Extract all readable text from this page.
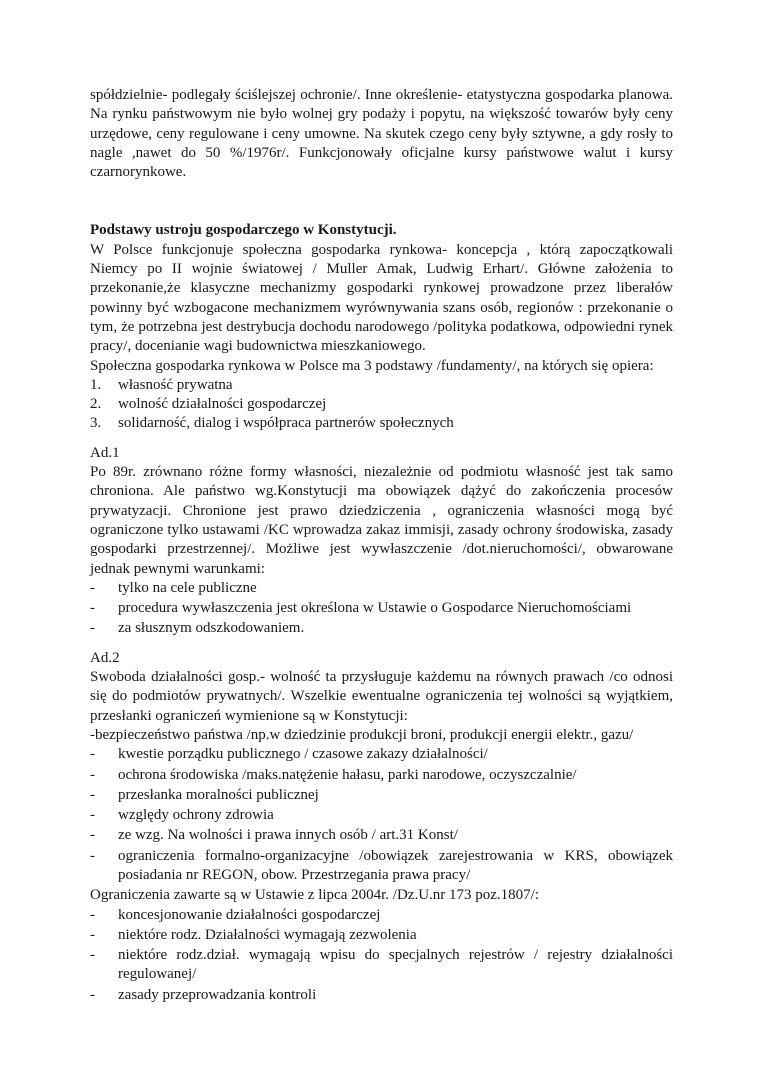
spółdzielnie- podlegały ściślejszej ochronie/. Inne określenie- etatystyczna gospodarka planowa. Na rynku państwowym nie było wolnej gry podaży i popytu, na większość towarów były ceny urzędowe, ceny regulowane i ceny umowne. Na skutek czego ceny były sztywne, a gdy rosły to nagle ,nawet do 50 %/1976r/. Funkcjonowały oficjalne kursy państwowe walut i kursy czarnorynkowe.

Podstawy ustroju gospodarczego w Konstytucji.

W Polsce funkcjonuje społeczna gospodarka rynkowa- koncepcja , którą zapoczątkowali Niemcy po II wojnie światowej / Muller Amak, Ludwig Erhart/. Główne założenia to przekonanie,że klasyczne mechanizmy gospodarki rynkowej prowadzone przez liberałów powinny być wzbogacone mechanizmem wyrównywania szans osób, regionów : przekonanie o tym, że potrzebna jest destrybucja dochodu narodowego /polityka podatkowa, odpowiedni rynek pracy/, docenianie wagi budownictwa mieszkaniowego.

Społeczna gospodarka rynkowa w Polsce ma 3 podstawy /fundamenty/, na których się opiera:

1.	własność prywatna
2.	wolność działalności gospodarczej
3.	solidarność, dialog i współpraca partnerów społecznych

Ad.1

Po 89r. zrównano różne formy własności, niezależnie od podmiotu własność jest tak samo chroniona. Ale państwo wg.Konstytucji ma obowiązek dążyć do zakończenia procesów prywatyzacji. Chronione jest prawo dziedziczenia , ograniczenia własności mogą być ograniczone tylko ustawami /KC wprowadza zakaz immisji, zasady ochrony środowiska, zasady gospodarki przestrzennej/. Możliwe jest wywłaszczenie /dot.nieruchomości/, obwarowane jednak pewnymi warunkami:

-	tylko na cele publiczne
-	procedura wywłaszczenia jest określona w Ustawie o Gospodarce Nieruchomościami
-	za słusznym odszkodowaniem.

Ad.2

Swoboda działalności gosp.- wolność ta przysługuje każdemu na równych prawach /co odnosi się do podmiotów prywatnych/. Wszelkie ewentualne ograniczenia tej wolności są wyjątkiem, przesłanki ograniczeń wymienione są w Konstytucji:

-bezpieczeństwo państwa /np.w dziedzinie produkcji broni, produkcji energii elektr., gazu/

-	kwestie porządku publicznego / czasowe zakazy działalności/
-	ochrona środowiska /maks.natężenie hałasu, parki narodowe, oczyszczalnie/
-	przesłanka moralności publicznej
-	względy ochrony zdrowia
-	ze wzg. Na wolności i prawa innych osób / art.31 Konst/
-	ograniczenia formalno-organizacyjne /obowiązek zarejestrowania w KRS, obowiązek posiadania nr REGON, obow. Przestrzegania prawa pracy/

Ograniczenia zawarte są w Ustawie z lipca 2004r. /Dz.U.nr 173 poz.1807/:

-	koncesjonowanie działalności gospodarczej
-	niektóre rodz. Działalności wymagają zezwolenia
-	niektóre rodz.dział. wymagają wpisu do specjalnych rejestrów / rejestry działalności regulowanej/
-	zasady przeprowadzania kontroli
